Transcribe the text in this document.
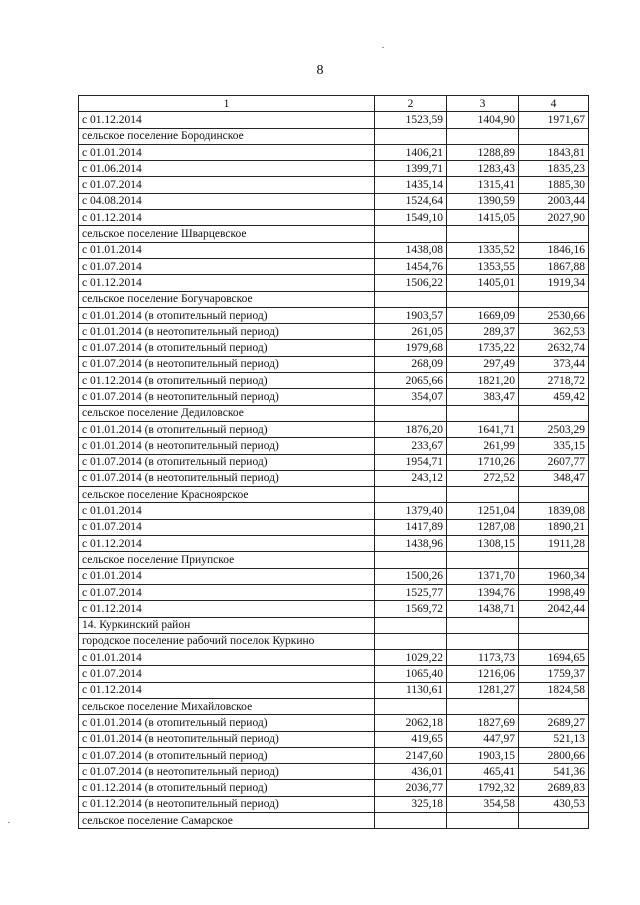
8
1	2	3	4
с 01.12.2014	1523,59	1404,90	1971,67
сельское поселение Бородинское			
с 01.01.2014	1406,21	1288,89	1843,81
с 01.06.2014	1399,71	1283,43	1835,23
с 01.07.2014	1435,14	1315,41	1885,30
с 04.08.2014	1524,64	1390,59	2003,44
с 01.12.2014	1549,10	1415,05	2027,90
сельское поселение Шварцевское			
с 01.01.2014	1438,08	1335,52	1846,16
с 01.07.2014	1454,76	1353,55	1867,88
с 01.12.2014	1506,22	1405,01	1919,34
сельское поселение Богучаровское			
с 01.01.2014 (в отопительный период)	1903,57	1669,09	2530,66
с 01.01.2014 (в неотопительный период)	261,05	289,37	362,53
с 01.07.2014 (в отопительный период)	1979,68	1735,22	2632,74
с 01.07.2014 (в неотопительный период)	268,09	297,49	373,44
с 01.12.2014 (в отопительный период)	2065,66	1821,20	2718,72
с 01.07.2014 (в неотопительный период)	354,07	383,47	459,42
сельское поселение Дедиловское			
с 01.01.2014 (в отопительный период)	1876,20	1641,71	2503,29
с 01.01.2014 (в неотопительный период)	233,67	261,99	335,15
с 01.07.2014 (в отопительный период)	1954,71	1710,26	2607,77
с 01.07.2014 (в неотопительный период)	243,12	272,52	348,47
сельское поселение Красноярское			
с 01.01.2014	1379,40	1251,04	1839,08
с 01.07.2014	1417,89	1287,08	1890,21
с 01.12.2014	1438,96	1308,15	1911,28
сельское поселение Приупское			
с 01.01.2014	1500,26	1371,70	1960,34
с 01.07.2014	1525,77	1394,76	1998,49
с 01.12.2014	1569,72	1438,71	2042,44
14. Куркинский район			
городское поселение рабочий поселок Куркино			
с 01.01.2014	1029,22	1173,73	1694,65
с 01.07.2014	1065,40	1216,06	1759,37
с 01.12.2014	1130,61	1281,27	1824,58
сельское поселение Михайловское			
с 01.01.2014 (в отопительный период)	2062,18	1827,69	2689,27
с 01.01.2014 (в неотопительный период)	419,65	447,97	521,13
с 01.07.2014 (в отопительный период)	2147,60	1903,15	2800,66
с 01.07.2014 (в неотопительный период)	436,01	465,41	541,36
с 01.12.2014 (в отопительный период)	2036,77	1792,32	2689,83
с 01.12.2014 (в неотопительный период)	325,18	354,58	430,53
сельское поселение Самарское			
